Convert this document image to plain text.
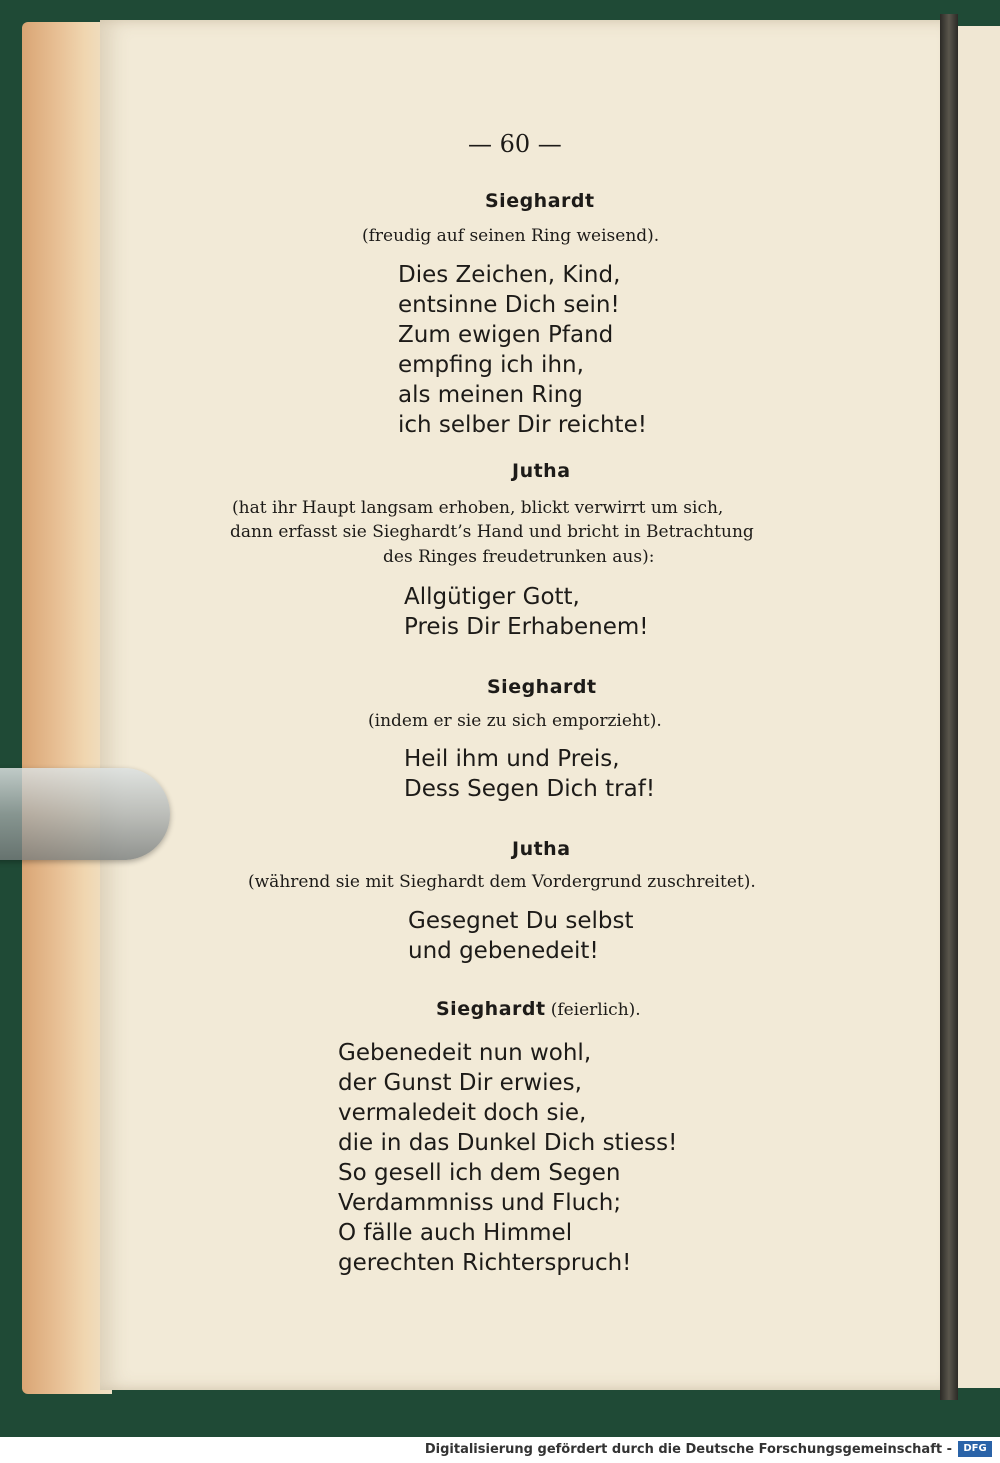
— 60 —
Sieghardt
(freudig auf seinen Ring weisend).
Dies Zeichen, Kind,
entsinne Dich sein!
Zum ewigen Pfand
empfing ich ihn,
als meinen Ring
ich selber Dir reichte!
Jutha
(hat ihr Haupt langsam erhoben, blickt verwirrt um sich,
dann erfasst sie Sieghardt’s Hand und bricht in Betrachtung
des Ringes freudetrunken aus):
Allgütiger Gott,
Preis Dir Erhabenem!
Sieghardt
(indem er sie zu sich emporzieht).
Heil ihm und Preis,
Dess Segen Dich traf!
Jutha
(während sie mit Sieghardt dem Vordergrund zuschreitet).
Gesegnet Du selbst
und gebenedeit!
Sieghardt (feierlich).
Gebenedeit nun wohl,
der Gunst Dir erwies,
vermaledeit doch sie,
die in das Dunkel Dich stiess!
So gesell ich dem Segen
Verdammniss und Fluch;
O fälle auch Himmel
gerechten Richterspruch!
Digitalisierung gefördert durch die Deutsche Forschungsgemeinschaft -	DFG
